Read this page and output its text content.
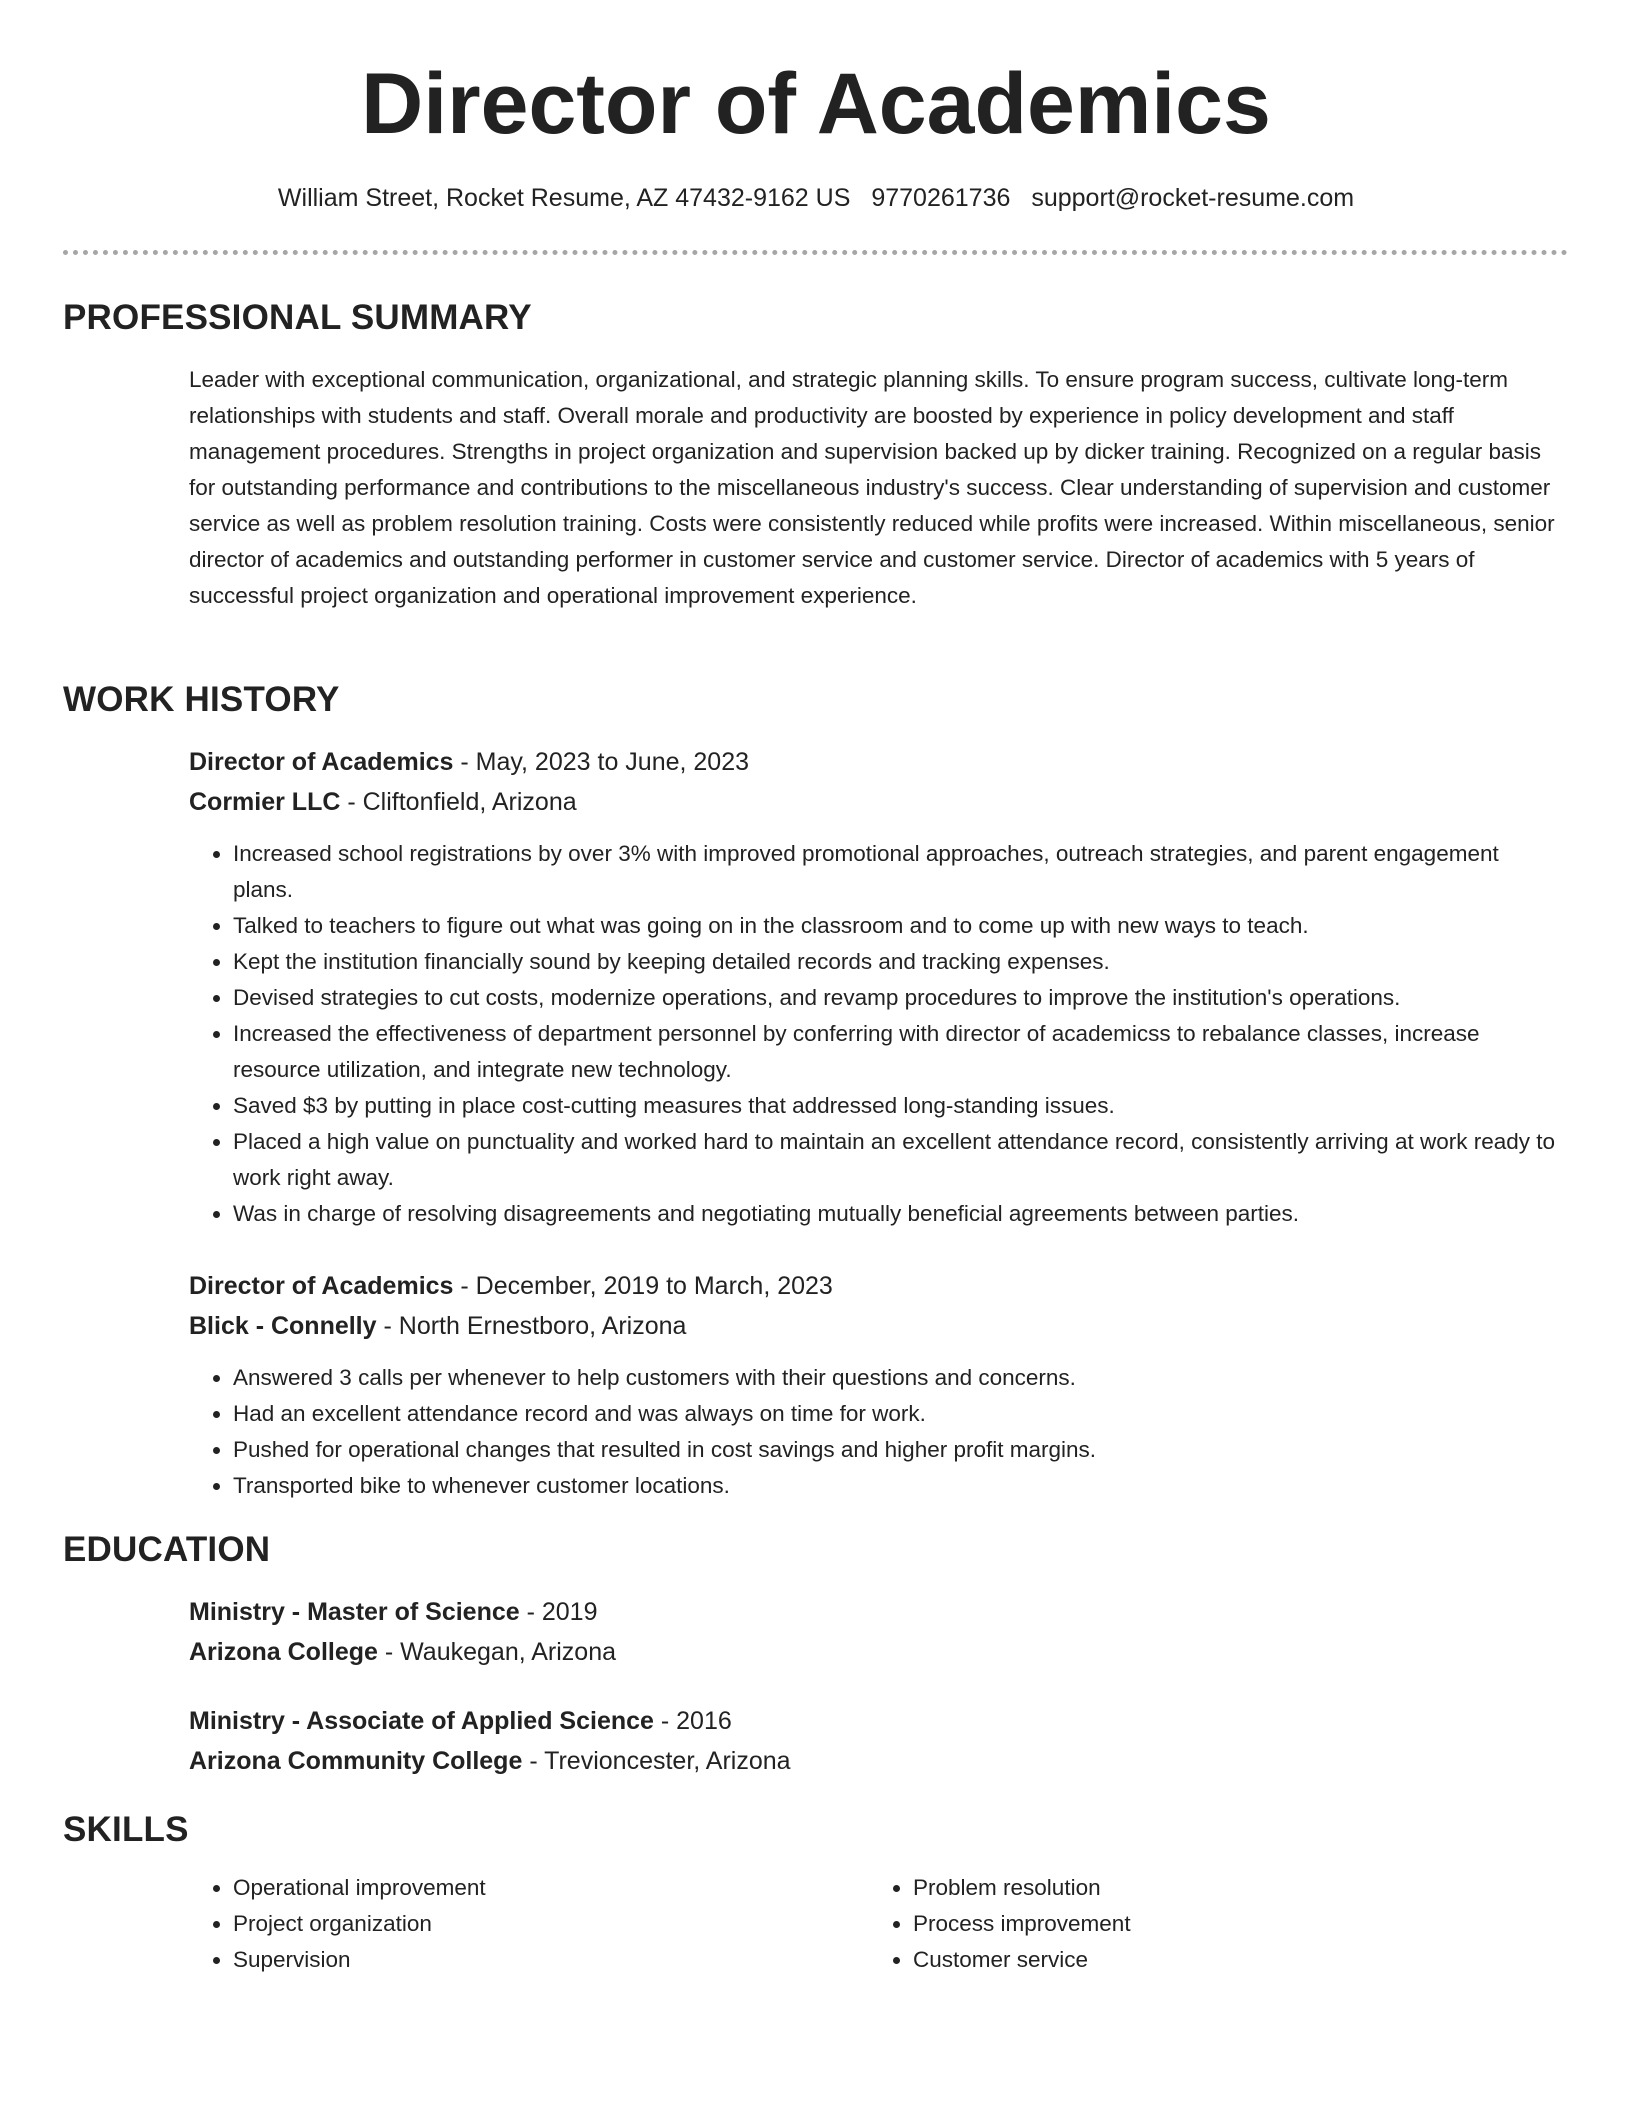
Director of Academics
William Street, Rocket Resume, AZ 47432-9162 US 9770261736 support@rocket-resume.com
PROFESSIONAL SUMMARY
Leader with exceptional communication, organizational, and strategic planning skills. To ensure program success, cultivate long-term relationships with students and staff. Overall morale and productivity are boosted by experience in policy development and staff management procedures. Strengths in project organization and supervision backed up by dicker training. Recognized on a regular basis for outstanding performance and contributions to the miscellaneous industry's success. Clear understanding of supervision and customer service as well as problem resolution training. Costs were consistently reduced while profits were increased. Within miscellaneous, senior director of academics and outstanding performer in customer service and customer service. Director of academics with 5 years of successful project organization and operational improvement experience.
WORK HISTORY
Director of Academics - May, 2023 to June, 2023
Cormier LLC - Cliftonfield, Arizona
• Increased school registrations by over 3% with improved promotional approaches, outreach strategies, and parent engagement plans.
• Talked to teachers to figure out what was going on in the classroom and to come up with new ways to teach.
• Kept the institution financially sound by keeping detailed records and tracking expenses.
• Devised strategies to cut costs, modernize operations, and revamp procedures to improve the institution's operations.
• Increased the effectiveness of department personnel by conferring with director of academicss to rebalance classes, increase resource utilization, and integrate new technology.
• Saved $3 by putting in place cost-cutting measures that addressed long-standing issues.
• Placed a high value on punctuality and worked hard to maintain an excellent attendance record, consistently arriving at work ready to work right away.
• Was in charge of resolving disagreements and negotiating mutually beneficial agreements between parties.
Director of Academics - December, 2019 to March, 2023
Blick - Connelly - North Ernestboro, Arizona
• Answered 3 calls per whenever to help customers with their questions and concerns.
• Had an excellent attendance record and was always on time for work.
• Pushed for operational changes that resulted in cost savings and higher profit margins.
• Transported bike to whenever customer locations.
EDUCATION
Ministry - Master of Science - 2019
Arizona College - Waukegan, Arizona
Ministry - Associate of Applied Science - 2016
Arizona Community College - Trevioncester, Arizona
SKILLS
• Operational improvement
• Project organization
• Supervision
• Problem resolution
• Process improvement
• Customer service
